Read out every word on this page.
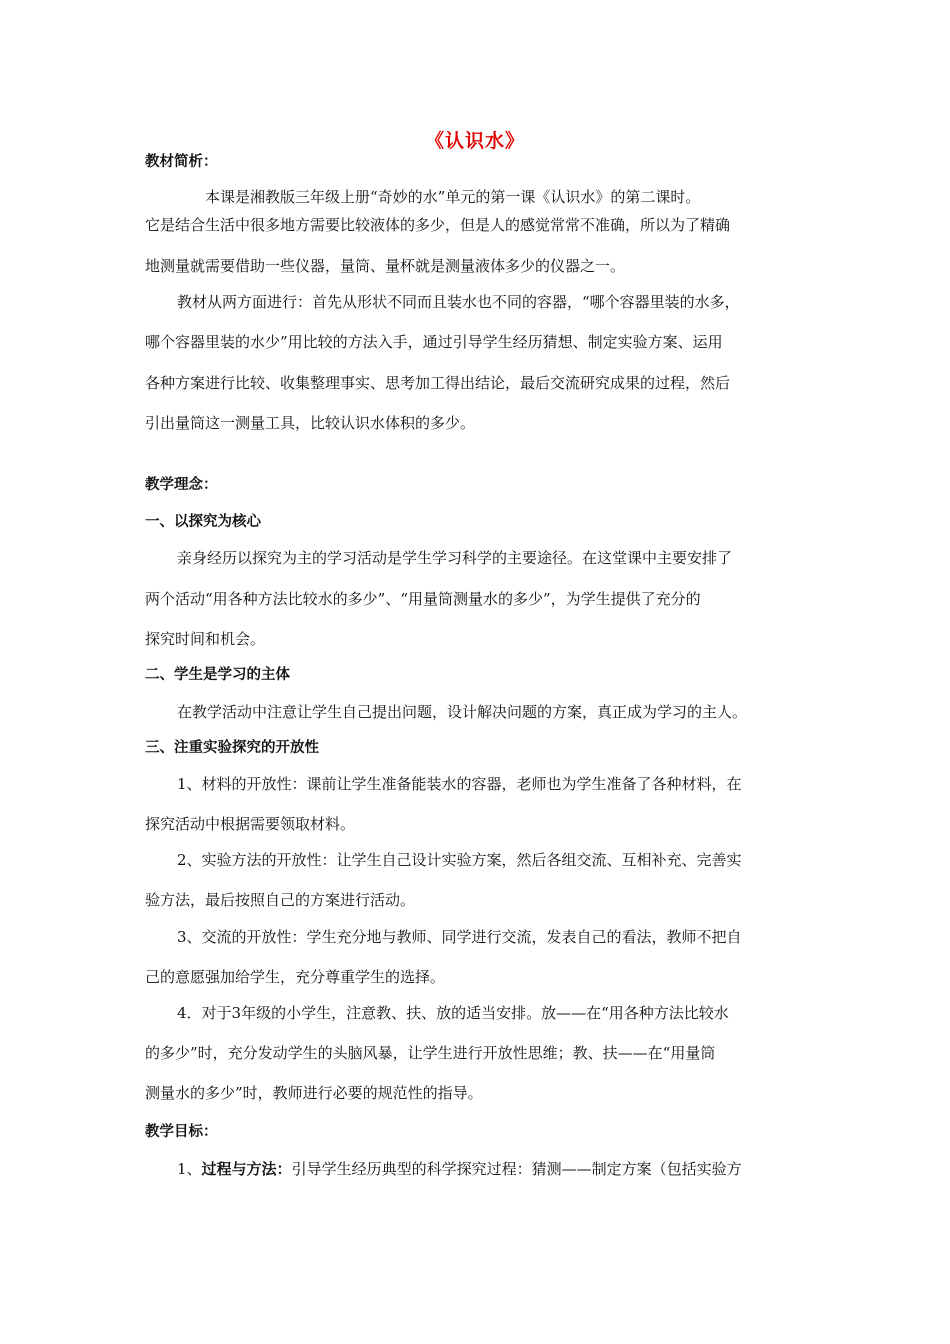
《认识水》
教材简析：
本课是湘教版三年级上册“奇妙的水”单元的第一课《认识水》的第二课时。
它是结合生活中很多地方需要比较液体的多少，但是人的感觉常常不准确，所以为了精确
地测量就需要借助一些仪器，量筒、量杯就是测量液体多少的仪器之一。
教材从两方面进行：首先从形状不同而且装水也不同的容器，“哪个容器里装的水多，
哪个容器里装的水少”用比较的方法入手，通过引导学生经历猜想、制定实验方案、运用
各种方案进行比较、收集整理事实、思考加工得出结论，最后交流研究成果的过程，然后
引出量筒这一测量工具，比较认识水体积的多少。
教学理念：
一、以探究为核心
亲身经历以探究为主的学习活动是学生学习科学的主要途径。在这堂课中主要安排了
两个活动“用各种方法比较水的多少”、“用量筒测量水的多少”，为学生提供了充分的
探究时间和机会。
二、学生是学习的主体
在教学活动中注意让学生自己提出问题，设计解决问题的方案，真正成为学习的主人。
三、注重实验探究的开放性
1、材料的开放性：课前让学生准备能装水的容器，老师也为学生准备了各种材料，在
探究活动中根据需要领取材料。
2、实验方法的开放性：让学生自己设计实验方案，然后各组交流、互相补充、完善实
验方法，最后按照自己的方案进行活动。
3、交流的开放性：学生充分地与教师、同学进行交流，发表自己的看法，教师不把自
己的意愿强加给学生，充分尊重学生的选择。
4．对于3年级的小学生，注意教、扶、放的适当安排。放——在“用各种方法比较水
的多少”时，充分发动学生的头脑风暴，让学生进行开放性思维；教、扶——在“用量筒
测量水的多少”时，教师进行必要的规范性的指导。
教学目标：
1、过程与方法：引导学生经历典型的科学探究过程：猜测——制定方案（包括实验方
